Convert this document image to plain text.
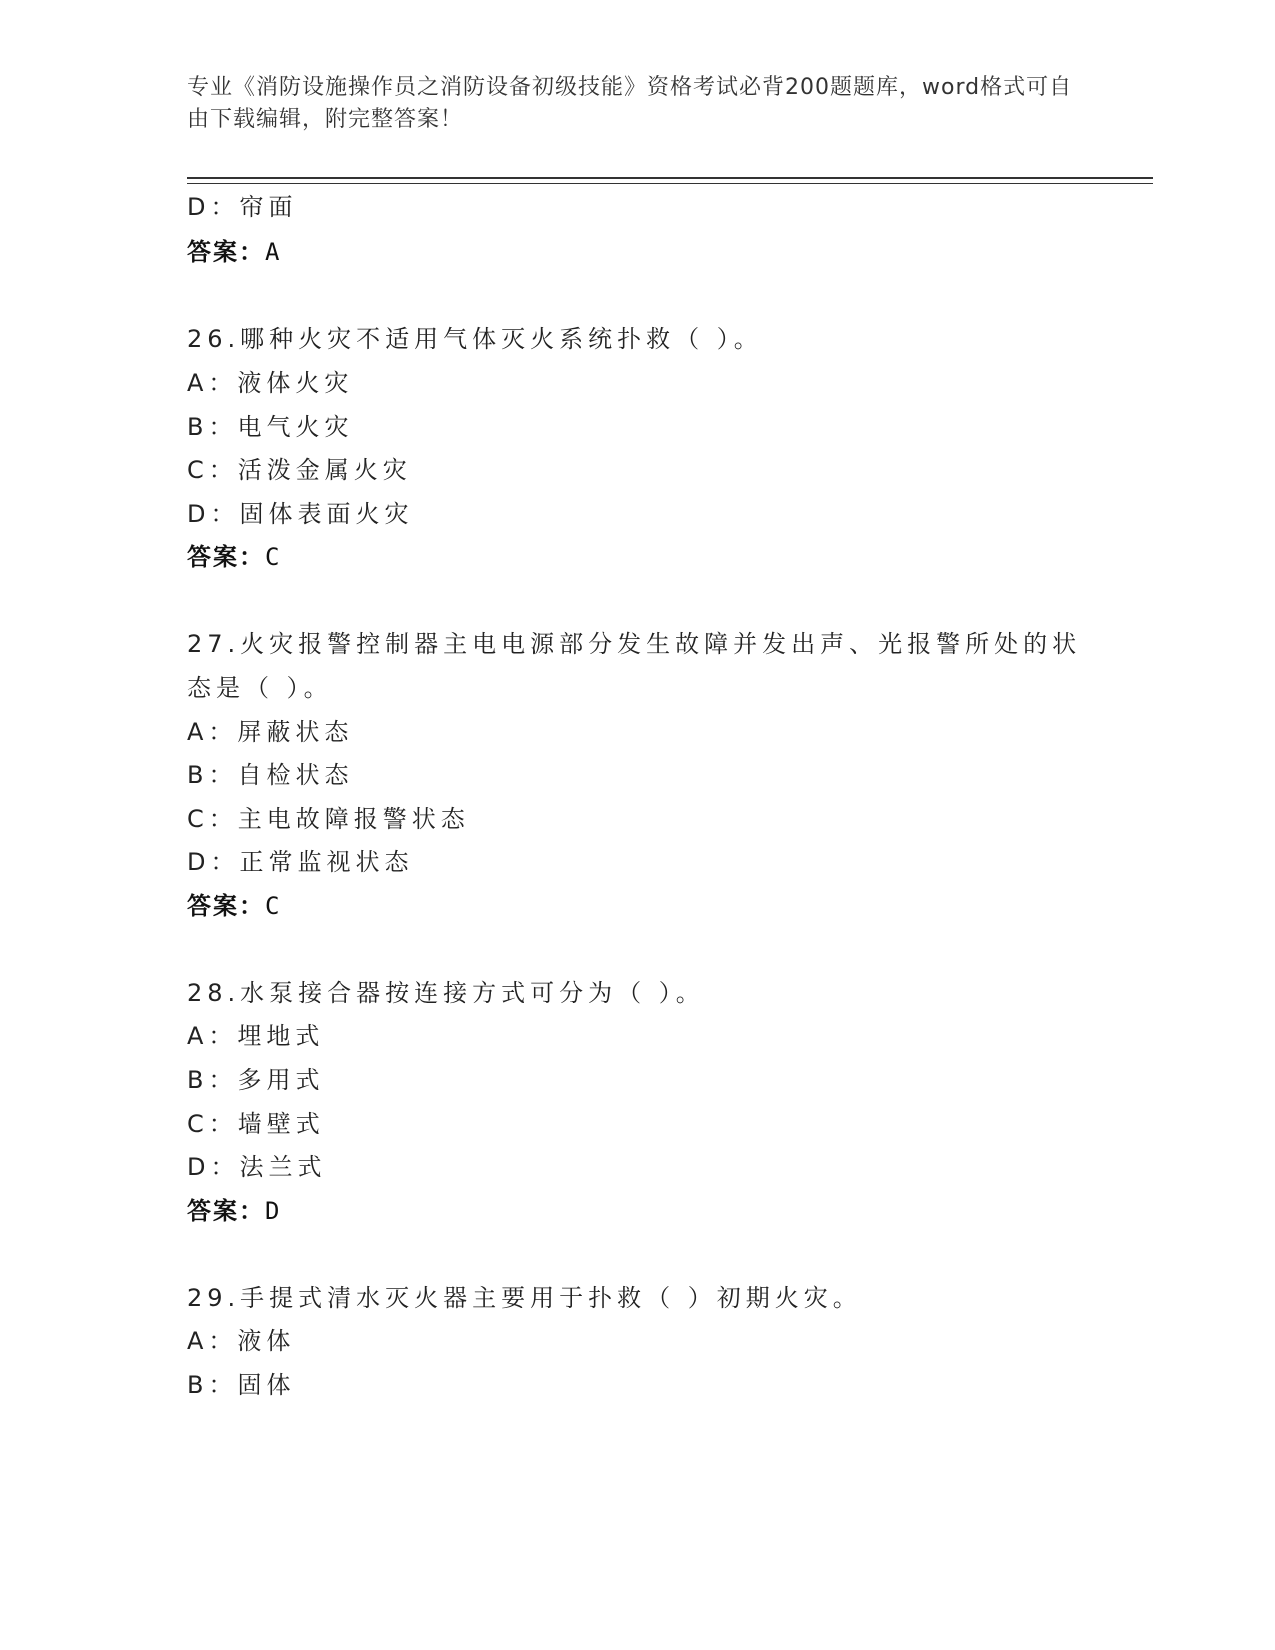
专业《消防设施操作员之消防设备初级技能》资格考试必背200题题库，word格式可自由下载编辑，附完整答案！
D：帘面
答案：A
26.哪种火灾不适用气体灭火系统扑救（ ）。
A：液体火灾
B：电气火灾
C：活泼金属火灾
D：固体表面火灾
答案：C
27.火灾报警控制器主电电源部分发生故障并发出声、光报警所处的状
态是（ ）。
A：屏蔽状态
B：自检状态
C：主电故障报警状态
D：正常监视状态
答案：C
28.水泵接合器按连接方式可分为（ ）。
A：埋地式
B：多用式
C：墙壁式
D：法兰式
答案：D
29.手提式清水灭火器主要用于扑救（ ）初期火灾。
A：液体
B：固体
